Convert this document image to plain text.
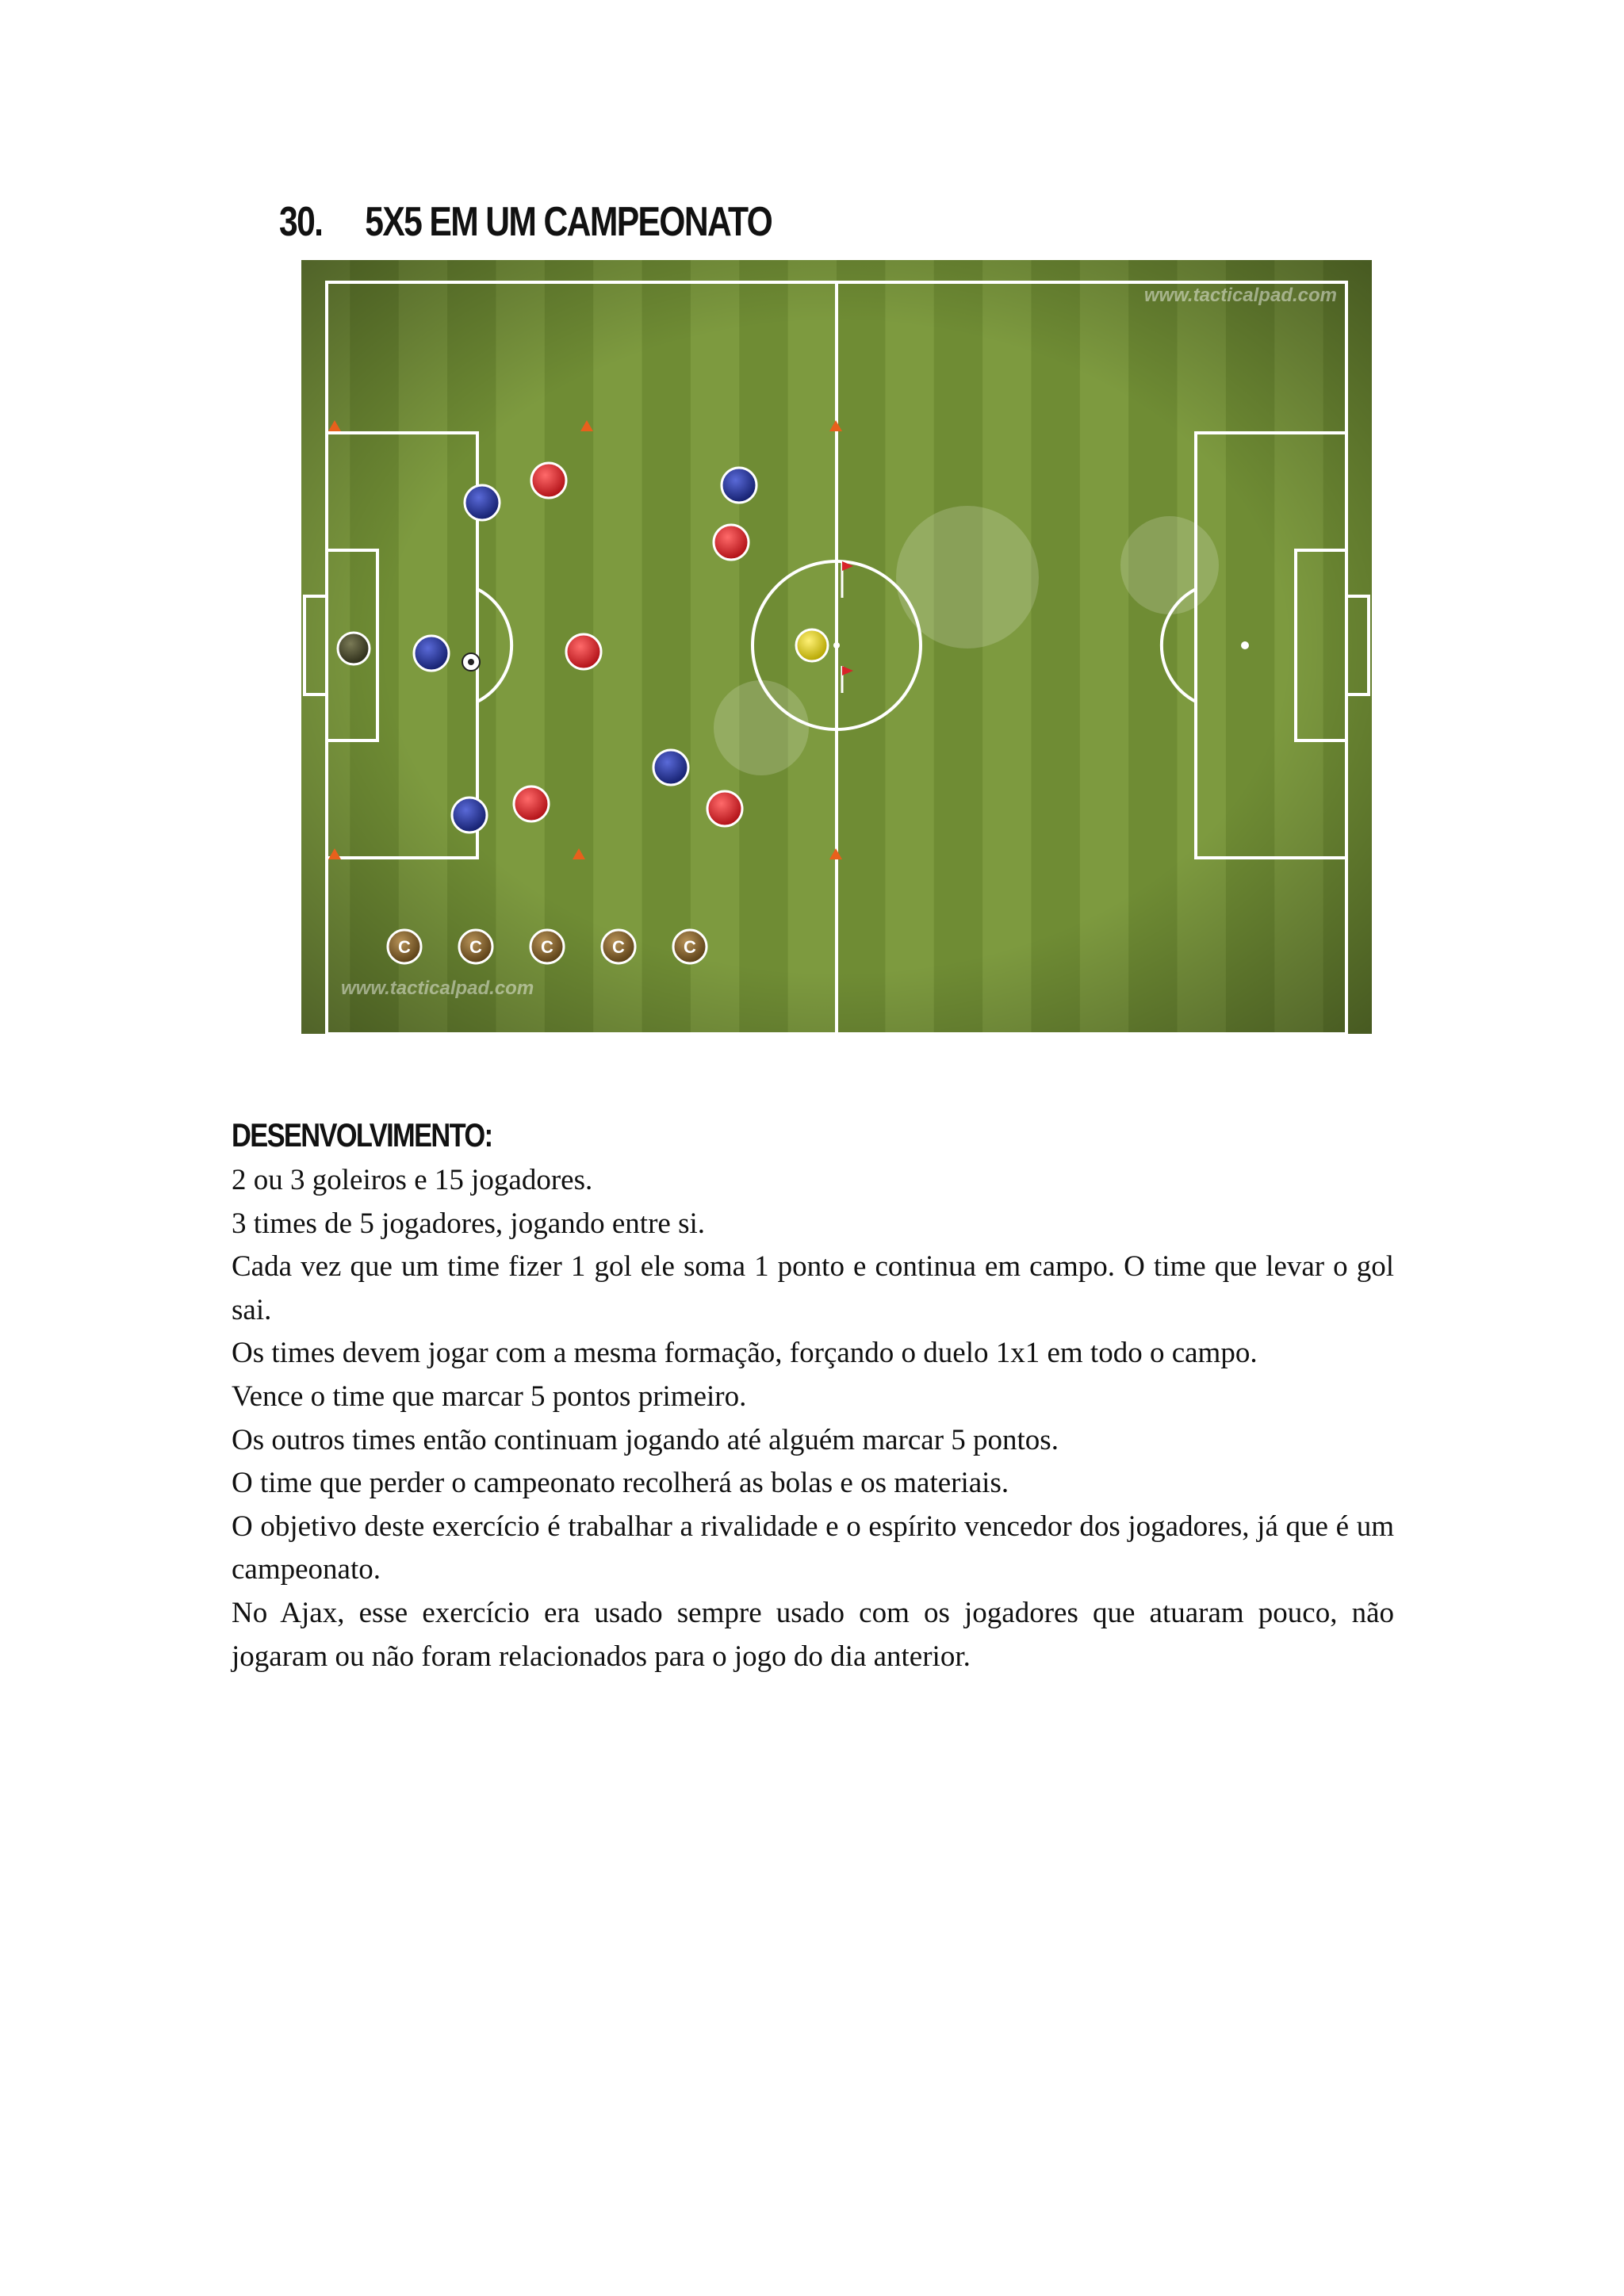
30. 5X5 EM UM CAMPEONATO
www.tacticalpad.com
www.tacticalpad.com
C	C	C	C	C
DESENVOLVIMENTO:

2 ou 3 goleiros e 15 jogadores.

3 times de 5 jogadores, jogando entre si.

Cada vez que um time fizer 1 gol ele soma 1 ponto e continua em campo. O time que levar o gol sai.

Os times devem jogar com a mesma formação, forçando o duelo 1x1 em todo o campo.

Vence o time que marcar 5 pontos primeiro.

Os outros times então continuam jogando até alguém marcar 5 pontos.

O time que perder o campeonato recolherá as bolas e os materiais.

O objetivo deste exercício é trabalhar a rivalidade e o espírito vencedor dos jogadores, já que é um campeonato.

No Ajax, esse exercício era usado sempre usado com os jogadores que atuaram pouco, não jogaram ou não foram relacionados para o jogo do dia anterior.
